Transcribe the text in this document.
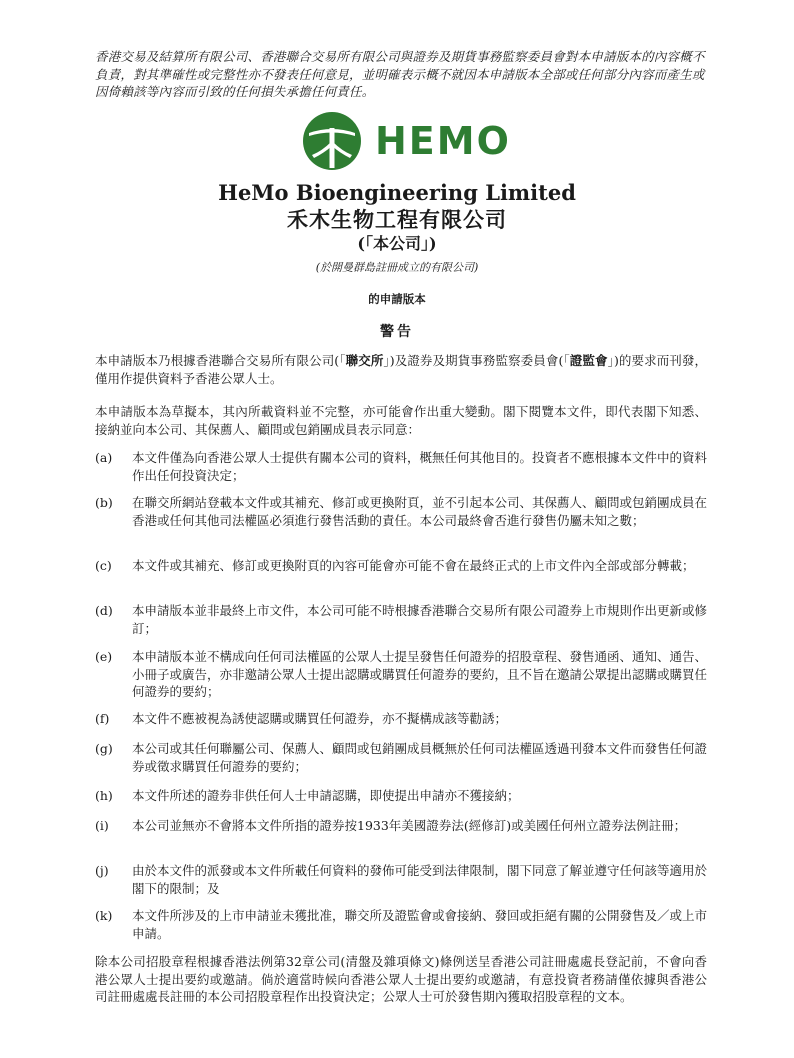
香港交易及結算所有限公司、香港聯合交易所有限公司與證券及期貨事務監察委員會對本申請版本的內容概不負責，對其準確性或完整性亦不發表任何意見，並明確表示概不就因本申請版本全部或任何部分內容而產生或因倚賴該等內容而引致的任何損失承擔任何責任。
HEMO
HeMo Bioengineering Limited
禾木生物工程有限公司
(「本公司」)
(於開曼群島註冊成立的有限公司)
的申請版本
警告
本申請版本乃根據香港聯合交易所有限公司(「聯交所」)及證券及期貨事務監察委員會(「證監會」)的要求而刊發，僅用作提供資料予香港公眾人士。
本申請版本為草擬本，其內所載資料並不完整，亦可能會作出重大變動。閣下閱覽本文件，即代表閣下知悉、接納並向本公司、其保薦人、顧問或包銷團成員表示同意：
(a)	本文件僅為向香港公眾人士提供有關本公司的資料，概無任何其他目的。投資者不應根據本文件中的資料作出任何投資決定；
(b)	在聯交所網站登載本文件或其補充、修訂或更換附頁，並不引起本公司、其保薦人、顧問或包銷團成員在香港或任何其他司法權區必須進行發售活動的責任。本公司最終會否進行發售仍屬未知之數；
(c)	本文件或其補充、修訂或更換附頁的內容可能會亦可能不會在最終正式的上市文件內全部或部分轉載；
(d)	本申請版本並非最終上市文件，本公司可能不時根據香港聯合交易所有限公司證券上市規則作出更新或修訂；
(e)	本申請版本並不構成向任何司法權區的公眾人士提呈發售任何證券的招股章程、發售通函、通知、通告、小冊子或廣告，亦非邀請公眾人士提出認購或購買任何證券的要約，且不旨在邀請公眾提出認購或購買任何證券的要約；
(f)	本文件不應被視為誘使認購或購買任何證券，亦不擬構成該等勸誘；
(g)	本公司或其任何聯屬公司、保薦人、顧問或包銷團成員概無於任何司法權區透過刊發本文件而發售任何證券或徵求購買任何證券的要約；
(h)	本文件所述的證券非供任何人士申請認購，即使提出申請亦不獲接納；
(i)	本公司並無亦不會將本文件所指的證券按1933年美國證券法(經修訂)或美國任何州立證券法例註冊；
(j)	由於本文件的派發或本文件所載任何資料的發佈可能受到法律限制，閣下同意了解並遵守任何該等適用於閣下的限制；及
(k)	本文件所涉及的上市申請並未獲批准，聯交所及證監會或會接納、發回或拒絕有關的公開發售及／或上市申請。
除本公司招股章程根據香港法例第32章公司(清盤及雜項條文)條例送呈香港公司註冊處處長登記前，不會向香港公眾人士提出要約或邀請。倘於適當時候向香港公眾人士提出要約或邀請，有意投資者務請僅依據與香港公司註冊處處長註冊的本公司招股章程作出投資決定；公眾人士可於發售期內獲取招股章程的文本。
